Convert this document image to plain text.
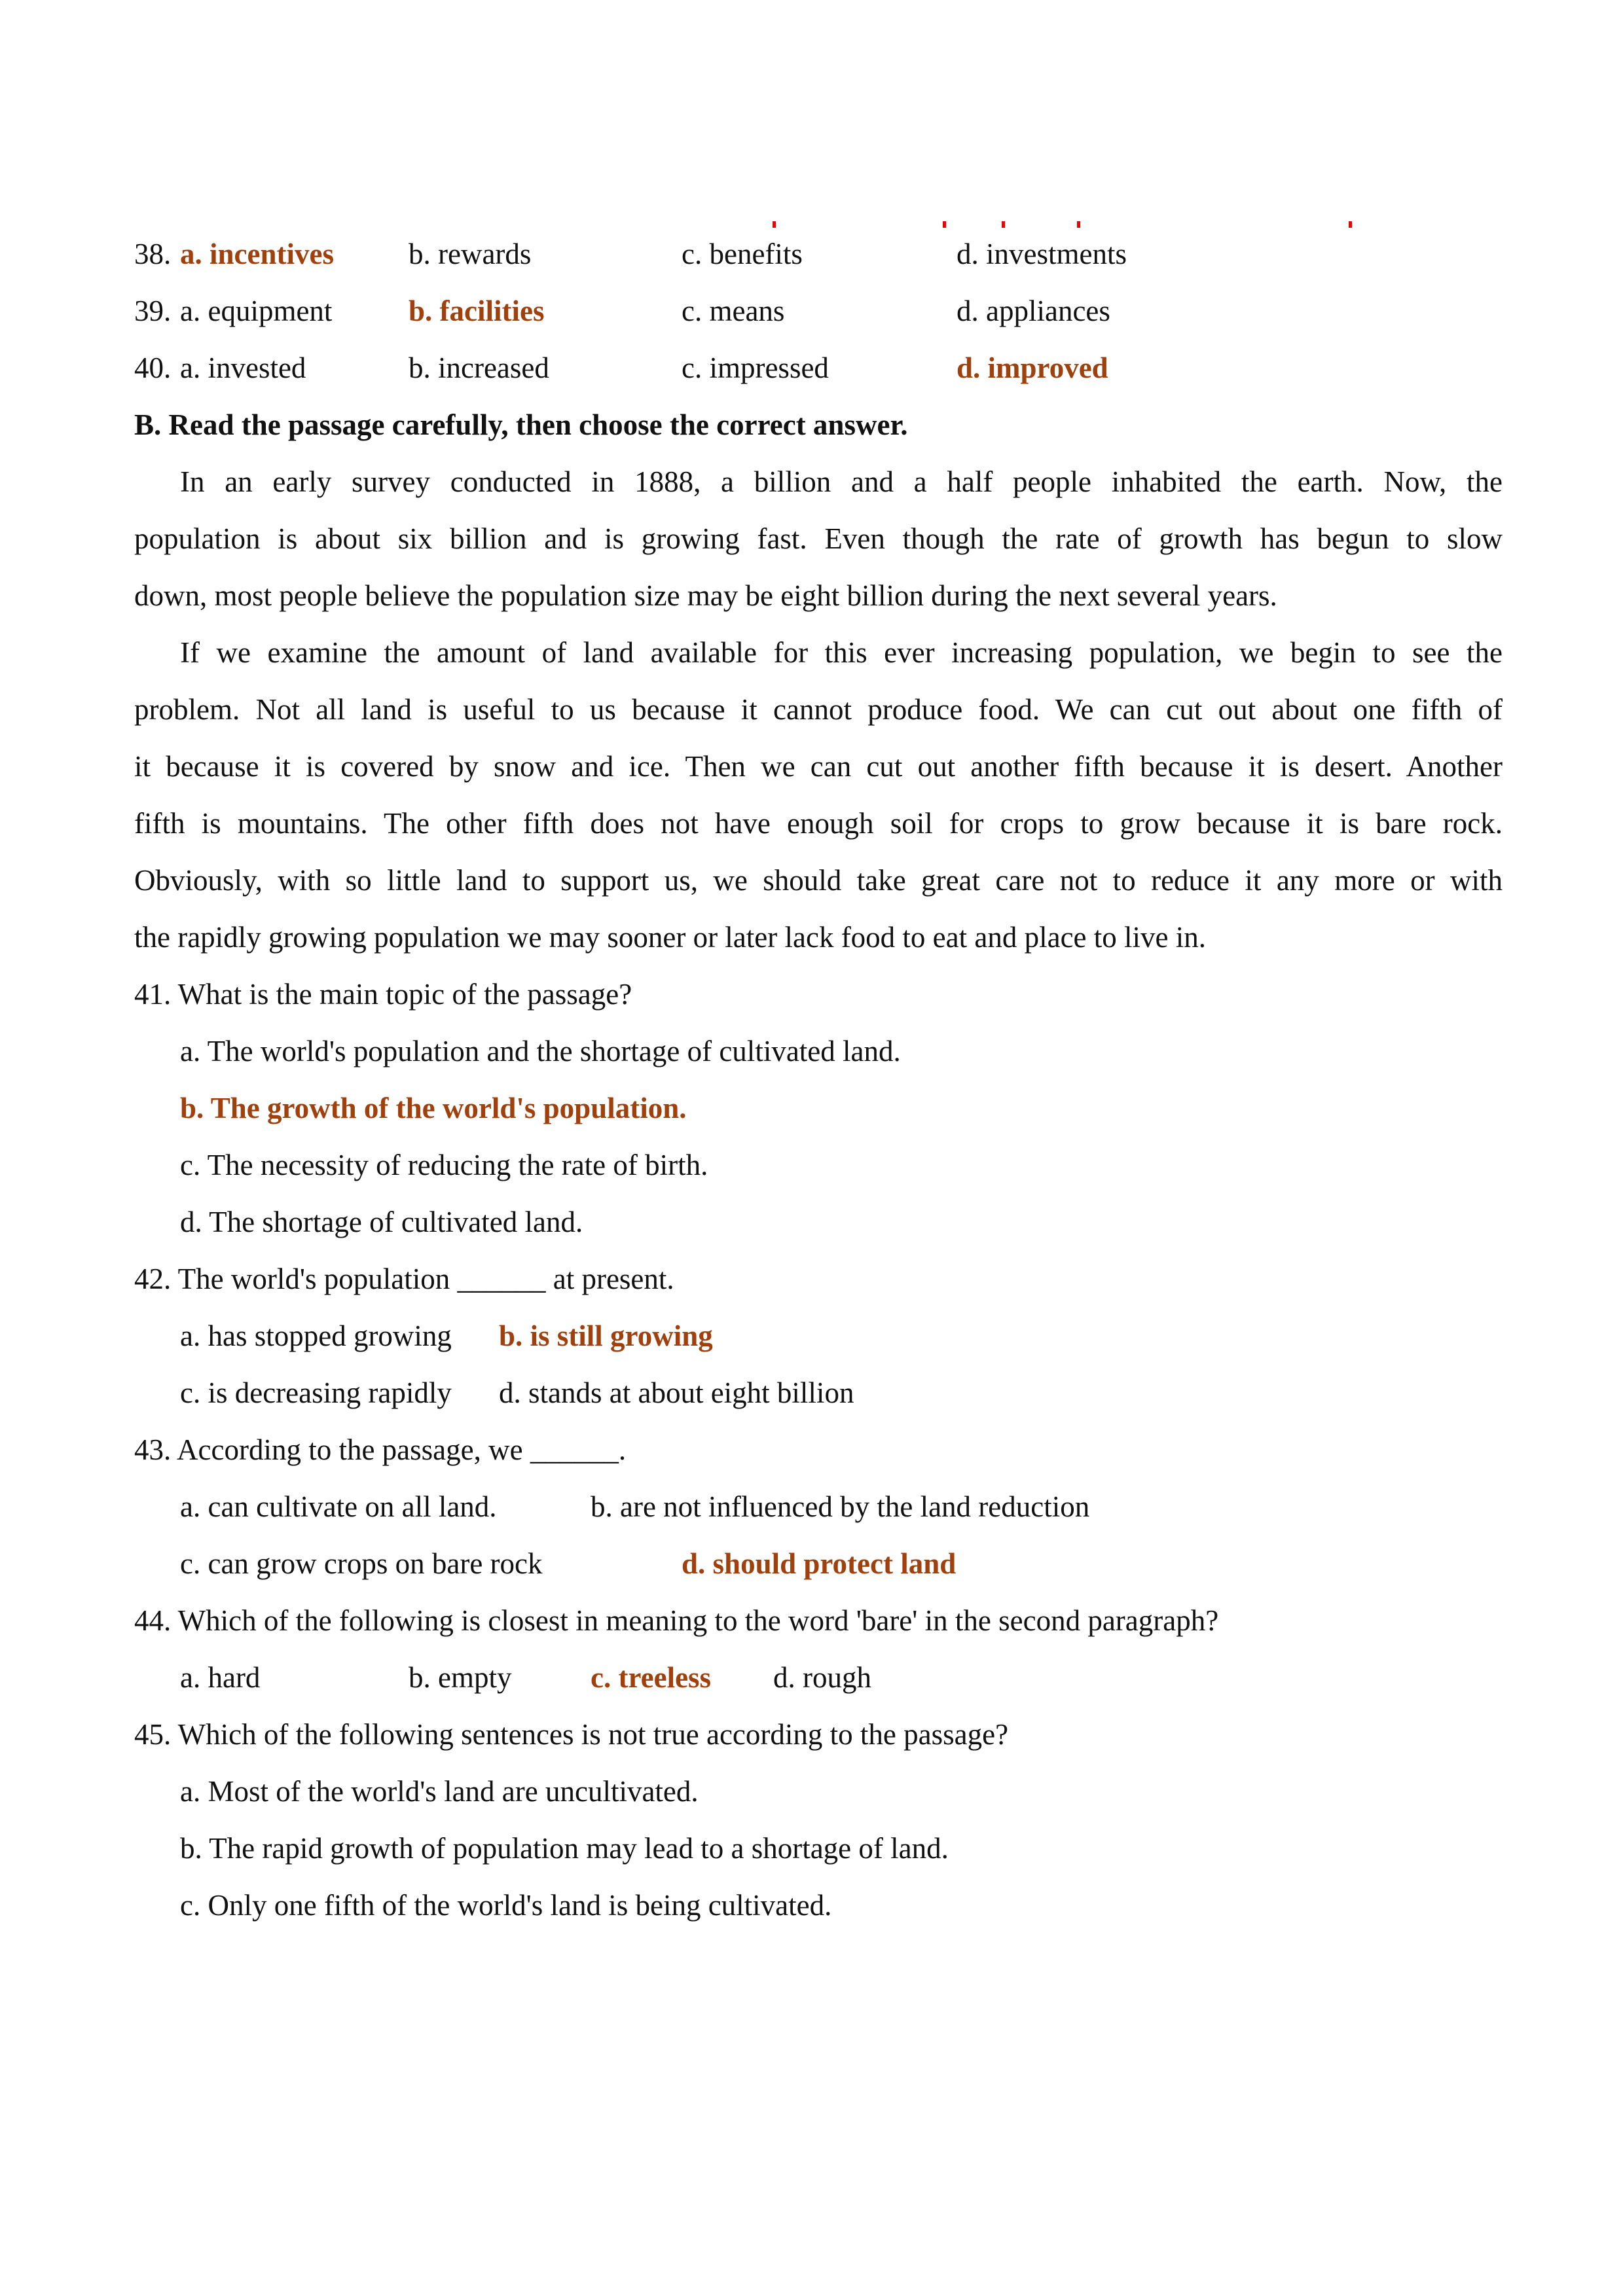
38. a. incentives	b. rewards	c. benefits	d. investments
39. a. equipment	b. facilities	c. means	d. appliances
40. a. invested	b. increased	c. impressed	d. improved
B. Read the passage carefully, then choose the correct answer.
In an early survey conducted in 1888, a billion and a half people inhabited the earth. Now, the
population is about six billion and is growing fast. Even though the rate of growth has begun to slow
down, most people believe the population size may be eight billion during the next several years.
If we examine the amount of land available for this ever increasing population, we begin to see the
problem. Not all land is useful to us because it cannot produce food. We can cut out about one fifth of
it because it is covered by snow and ice. Then we can cut out another fifth because it is desert. Another
fifth is mountains. The other fifth does not have enough soil for crops to grow because it is bare rock.
Obviously, with so little land to support us, we should take great care not to reduce it any more or with
the rapidly growing population we may sooner or later lack food to eat and place to live in.
41. What is the main topic of the passage?
a. The world's population and the shortage of cultivated land.
b. The growth of the world's population.
c. The necessity of reducing the rate of birth.
d. The shortage of cultivated land.
42. The world's population ______ at present.
a. has stopped growing b. is still growing
c. is decreasing rapidly d. stands at about eight billion
43. According to the passage, we ______.
a. can cultivate on all land.	b. are not influenced by the land reduction
c. can grow crops on bare rock	d. should protect land
44. Which of the following is closest in meaning to the word 'bare' in the second paragraph?
a. hard	b. empty	c. treeless d. rough
45. Which of the following sentences is not true according to the passage?
a. Most of the world's land are uncultivated.
b. The rapid growth of population may lead to a shortage of land.
c. Only one fifth of the world's land is being cultivated.
